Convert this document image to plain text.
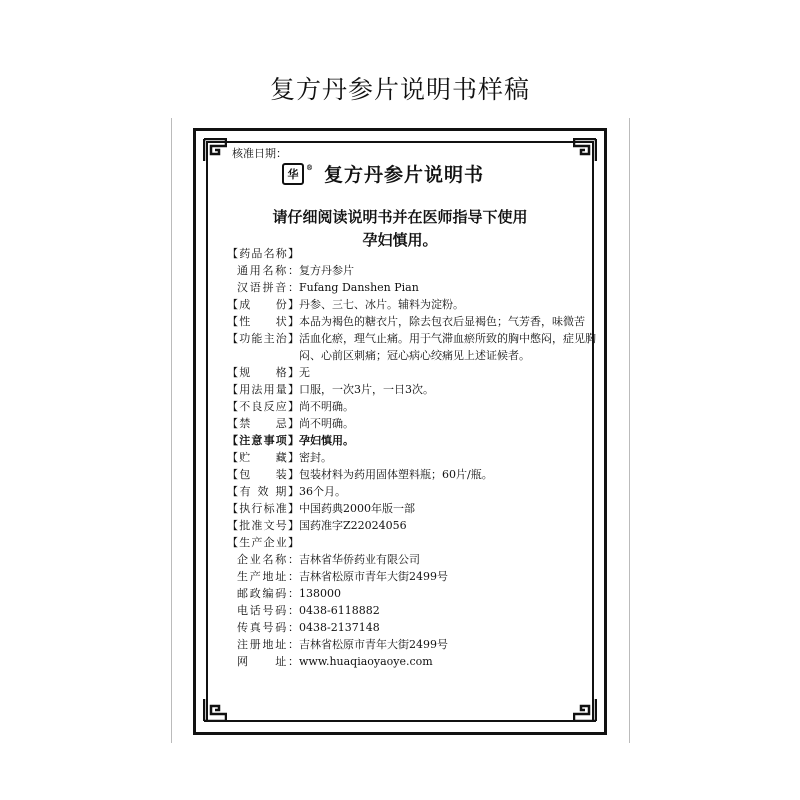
复方丹参片说明书样稿
核准日期：
华
® 复方丹参片说明书
请仔细阅读说明书并在医师指导下使用
孕妇慎用。
【药品名称】
通用名称： 复方丹参片
汉语拼音： Fufang Danshen Pian
【成　　份】 丹参、三七、冰片。辅料为淀粉。
【性　　状】 本品为褐色的糖衣片，除去包衣后显褐色；气芳香，味微苦
【功能主治】 活血化瘀，理气止痛。用于气滞血瘀所致的胸中憋闷，症见胸闷、心前区刺痛；冠心病心绞痛见上述证候者。
【规　　格】 无
【用法用量】 口服，一次3片，一日3次。
【不良反应】 尚不明确。
【禁　　忌】 尚不明确。
【注意事项】 孕妇慎用。
【贮　　藏】 密封。
【包　　装】 包装材料为药用固体塑料瓶；60片/瓶。
【有 效 期】 36个月。
【执行标准】 中国药典2000年版一部
【批准文号】 国药准字Z22024056
【生产企业】
企业名称： 吉林省华侨药业有限公司
生产地址： 吉林省松原市青年大街2499号
邮政编码： 138000
电话号码： 0438-6118882
传真号码： 0438-2137148
注册地址： 吉林省松原市青年大街2499号
网　　址： www.huaqiaoyaoye.com
